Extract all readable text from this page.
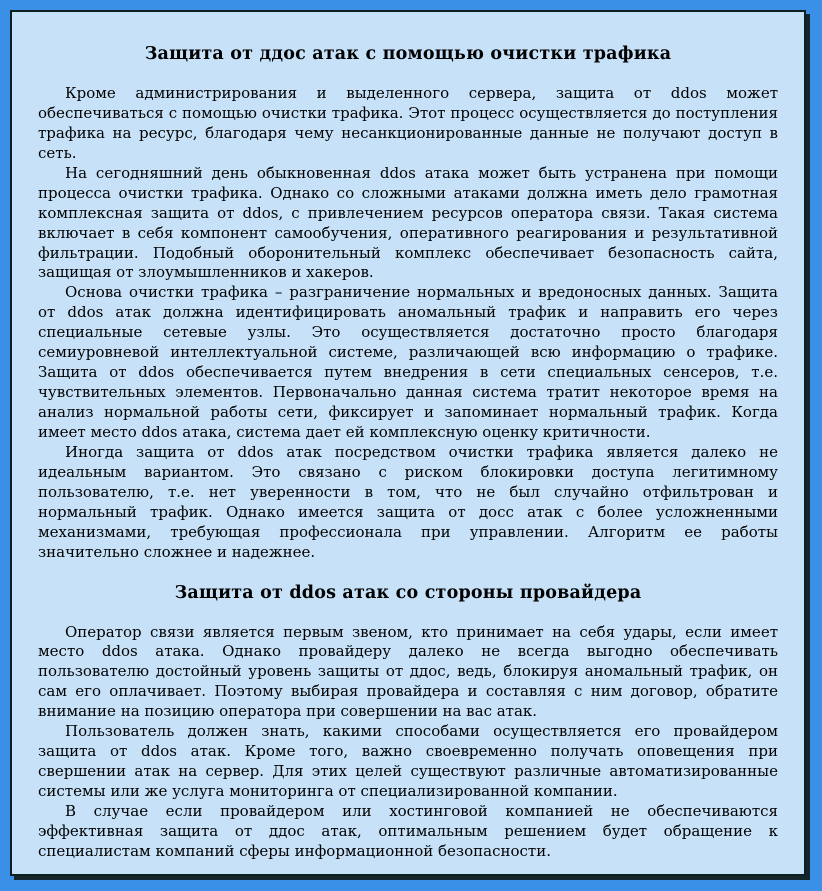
Защита от ддос атак с помощью очистки трафика

Кроме администрирования и выделенного сервера, защита от ddos может обеспечиваться с помощью очистки трафика. Этот процесс осуществляется до поступления трафика на ресурс, благодаря чему несанкционированные данные не получают доступ в сеть.

На сегодняшний день обыкновенная ddos атака может быть устранена при помощи процесса очистки трафика. Однако со сложными атаками должна иметь дело грамотная комплексная защита от ddos, с привлечением ресурсов оператора связи. Такая система включает в себя компонент самообучения, оперативного реагирования и результативной фильтрации. Подобный оборонительный комплекс обеспечивает безопасность сайта, защищая от злоумышленников и хакеров.

Основа очистки трафика – разграничение нормальных и вредоносных данных. Защита от ddos атак должна идентифицировать аномальный трафик и направить его через специальные сетевые узлы. Это осуществляется достаточно просто благодаря семиуровневой интеллектуальной системе, различающей всю информацию о трафике. Защита от ddos обеспечивается путем внедрения в сети специальных сенсеров, т.е. чувствительных элементов. Первоначально данная система тратит некоторое время на анализ нормальной работы сети, фиксирует и запоминает нормальный трафик. Когда имеет место ddos атака, система дает ей комплексную оценку критичности.

Иногда защита от ddos атак посредством очистки трафика является далеко не идеальным вариантом. Это связано с риском блокировки доступа легитимному пользователю, т.е. нет уверенности в том, что не был случайно отфильтрован и нормальный трафик. Однако имеется защита от досс атак с более усложненными механизмами, требующая профессионала при управлении. Алгоритм ее работы значительно сложнее и надежнее.

Защита от ddos атак со стороны провайдера

Оператор связи является первым звеном, кто принимает на себя удары, если имеет место ddos атака. Однако провайдеру далеко не всегда выгодно обеспечивать пользователю достойный уровень защиты от ддос, ведь, блокируя аномальный трафик, он сам его оплачивает. Поэтому выбирая провайдера и составляя с ним договор, обратите внимание на позицию оператора при совершении на вас атак.

Пользователь должен знать, какими способами осуществляется его провайдером защита от ddos атак. Кроме того, важно своевременно получать оповещения при свершении атак на сервер. Для этих целей существуют различные автоматизированные системы или же услуга мониторинга от специализированной компании.

В случае если провайдером или хостинговой компанией не обеспечиваются эффективная защита от ддос атак, оптимальным решением будет обращение к специалистам компаний сферы информационной безопасности.
